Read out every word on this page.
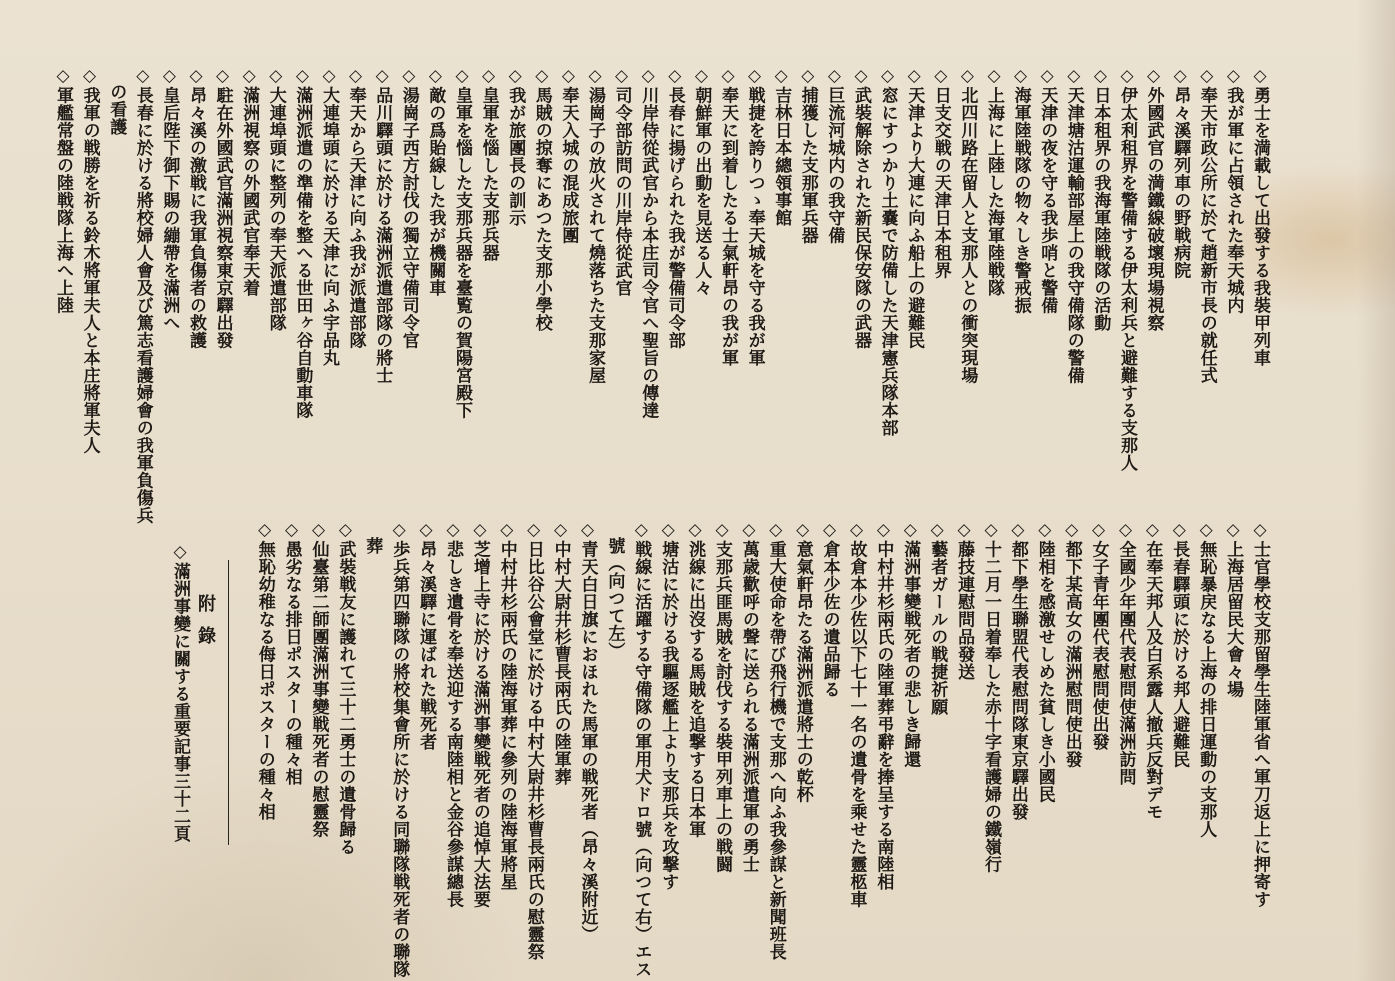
◇勇士を満載して出發する我裝甲列車
◇我が軍に占領された奉天城内
◇奉天市政公所に於て趙新市長の就任式
◇昂々溪驛列車の野戦病院
◇外國武官の満鐵線破壞現場視察
◇伊太利租界を警備する伊太利兵と避難する支那人
◇日本租界の我海軍陸戦隊の活動
◇天津塘沽運輸部屋上の我守備隊の警備
◇天津の夜を守る我歩哨と警備
◇海軍陸戦隊の物々しき警戒振
◇上海に上陸した海軍陸戦隊
◇北四川路在留人と支那人との衝突現場
◇日支交戦の天津日本租界
◇天津より大連に向ふ船上の避難民
◇窓にすつかり土嚢で防備した天津憲兵隊本部
◇武裝解除された新民保安隊の武器
◇巨流河城内の我守備
◇捕獲した支那軍兵器
◇吉林日本總領事館
◇戦捷を誇りつゝ奉天城を守る我が軍
◇奉天に到着したる士氣軒昂の我が軍
◇朝鮮軍の出動を見送る人々
◇長春に揚げられた我が警備司令部
◇川岸侍從武官から本庄司令官へ聖旨の傳達
◇司令部訪問の川岸侍從武官
◇湯崗子の放火されて燒落ちた支那家屋
◇奉天入城の混成旅團
◇馬賊の掠奪にあつた支那小學校
◇我が旅團長の訓示
◇皇軍を惱した支那兵器
◇皇軍を惱した支那兵器を臺覧の賀陽宮殿下
◇敵の爲貽線した我が機關車
◇湯崗子西方討伐の獨立守備司令官
◇品川驛頭に於ける滿洲派遣部隊の將士
◇奉天から天津に向ふ我が派遣部隊
◇大連埠頭に於ける天津に向ふ宇品丸
◇滿洲派遣の準備を整へる世田ヶ谷自動車隊
◇大連埠頭に整列の奉天派遣部隊
◇滿洲視察の外國武官奉天着
◇駐在外國武官滿洲視察東京驛出發
◇昂々溪の激戦に我軍負傷者の救護
◇皇后陛下御下賜の繃帶を滿洲へ
◇長春に於ける將校婦人會及び篤志看護婦會の我軍負傷兵
の看護
◇我軍の戦勝を祈る鈴木將軍夫人と本庄將軍夫人
◇軍艦常盤の陸戦隊上海へ上陸
◇士官學校支那留學生陸軍省へ軍刀返上に押寄す
◇上海居留民大會々場
◇無恥暴戻なる上海の排日運動の支那人
◇長春驛頭に於ける邦人避難民
◇在奉天邦人及白系露人撤兵反對デモ
◇全國少年團代表慰問使滿洲訪問
◇女子青年團代表慰問使出發
◇都下某高女の滿洲慰問使出發
◇陸相を感激せしめた貧しき小國民
◇都下學生聯盟代表慰問隊東京驛出發
◇十二月一日着奉した赤十字看護婦の鐵嶺行
◇藤技連慰問品發送
◇藝者ガールの戦捷祈願
◇滿洲事變戦死者の悲しき歸還
◇中村井杉兩氏の陸軍葬弔辭を捧呈する南陸相
◇故倉本少佐以下七十一名の遺骨を乘せた靈柩車
◇倉本少佐の遺品歸る
◇意氣軒昂たる滿洲派遣將士の乾杯
◇重大使命を帶び飛行機で支那へ向ふ我參謀と新聞班長
◇萬歳歡呼の聲に送られる滿洲派遣軍の勇士
◇支那兵匪馬賊を討伐する裝甲列車上の戦闘
◇洮線に出沒する馬賊を追撃する日本軍
◇塘沽に於ける我驅逐艦上より支那兵を攻撃す
◇戦線に活躍する守備隊の軍用犬ドロ號（向つて右）エス
號（向つて左）
◇青天白日旗におほれた馬軍の戦死者（昂々溪附近）
◇中村大尉井杉曹長兩氏の陸軍葬
◇日比谷公會堂に於ける中村大尉井杉曹長兩氏の慰靈祭
◇中村井杉兩氏の陸海軍葬に參列の陸海軍將星
◇芝增上寺に於ける滿洲事變戦死者の追悼大法要
◇悲しき遺骨を奉送迎する南陸相と金谷參謀總長
◇昂々溪驛に運ばれた戦死者
◇歩兵第四聯隊の將校集會所に於ける同聯隊戦死者の聯隊
葬
◇武裝戦友に護れて三十二勇士の遺骨歸る
◇仙臺第二師團滿洲事變戦死者の慰靈祭
◇愚劣なる排日ポスターの種々相
◇無恥幼稚なる侮日ポスターの種々相
附錄
◇滿洲事變に關する重要記事三十二頁
